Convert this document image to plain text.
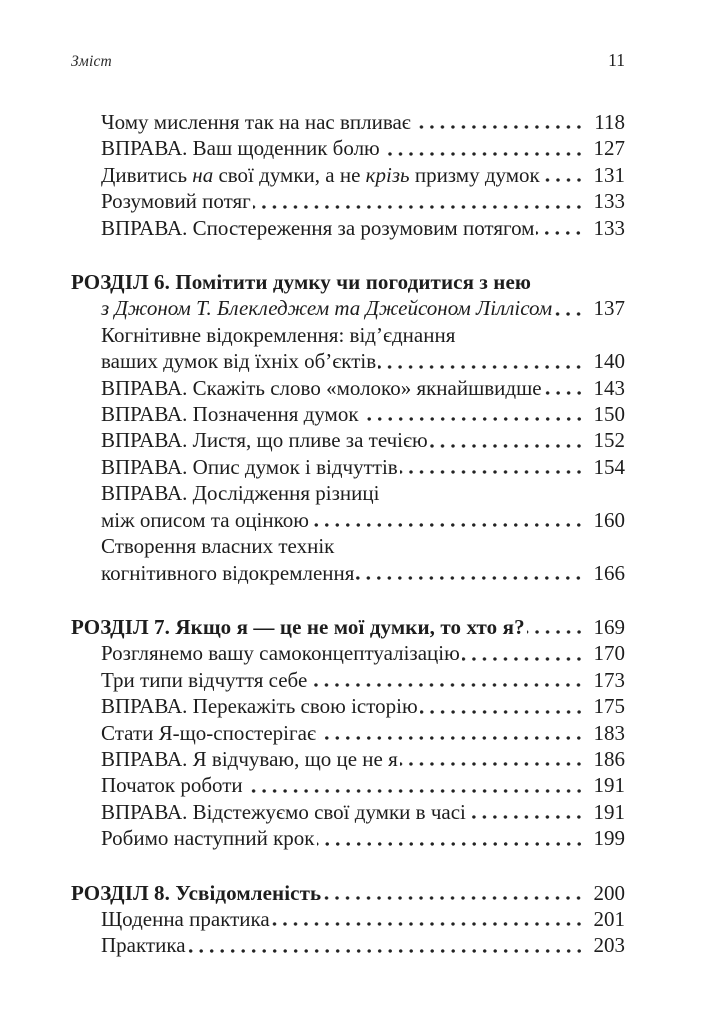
Зміст	11
Чому мислення так на нас впливає	118
ВПРАВА. Ваш щоденник болю	127
Дивитись на свої думки, а не крізь призму думок	131
Розумовий потяг	133
ВПРАВА. Спостереження за розумовим потягом	133
РОЗДІЛ 6. Помітити думку чи погодитися з нею
з Джоном Т. Блекледжем та Джейсоном Ліллісом 137
Когнітивне відокремлення: від’єднання
ваших думок від їхніх об’єктів	140
ВПРАВА. Скажіть слово «молоко» якнайшвидше 143
ВПРАВА. Позначення думок	150
ВПРАВА. Листя, що пливе за течією	152
ВПРАВА. Опис думок і відчуттів	154
ВПРАВА. Дослідження різниці
між описом та оцінкою	160
Створення власних технік
когнітивного відокремлення	166
РОЗДІЛ 7. Якщо я — це не мої думки, то хто я?	169
Розглянемо вашу самоконцептуалізацію	170
Три типи відчуття себе	173
ВПРАВА. Перекажіть свою історію	175
Стати Я-що-спостерігає	183
ВПРАВА. Я відчуваю, що це не я	186
Початок роботи	191
ВПРАВА. Відстежуємо свої думки в часі	191
Робимо наступний крок	199
РОЗДІЛ 8. Усвідомленість	200
Щоденна практика	201
Практика	203
